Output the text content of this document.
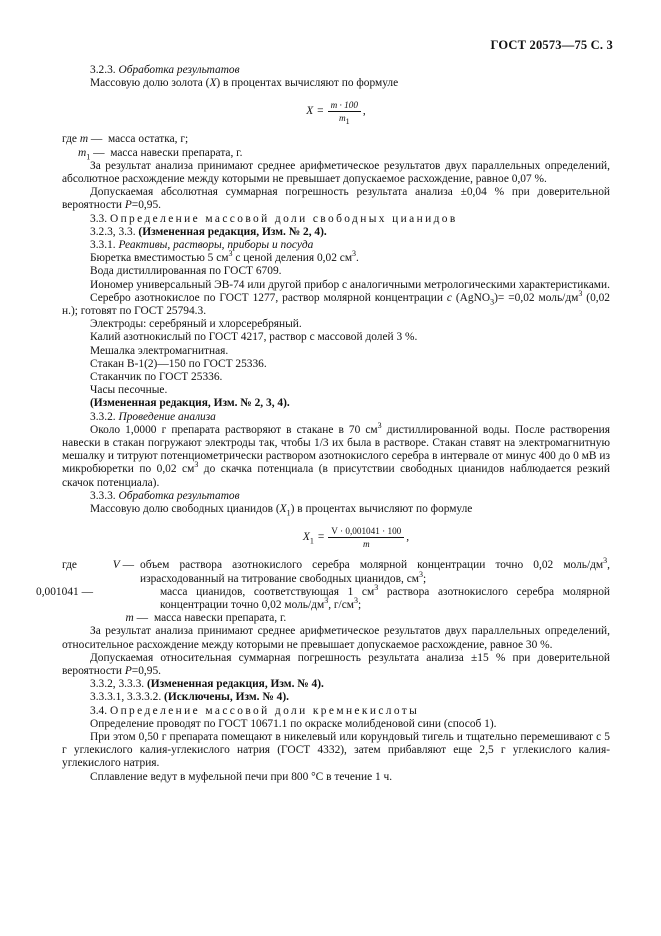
ГОСТ 20573—75 С. 3

3.2.3. Обработка результатов

Массовую долю золота (X) в процентах вычисляют по формуле

$X = \frac{m \cdot 100}{m_1}$ ,

где m — масса остатка, г;

$m_1$ — масса навески препарата, г.

За результат анализа принимают среднее арифметическое результатов двух параллельных определений, абсолютное расхождение между которыми не превышает допускаемое расхождение, равное 0,07 %.

Допускаемая абсолютная суммарная погрешность результата анализа ±0,04 % при доверительной вероятности P=0,95.

3.3. Определение массовой доли свободных цианидов

3.2.3, 3.3. (Измененная редакция, Изм. № 2, 4).

3.3.1. Реактивы, растворы, приборы и посуда

Бюретка вместимостью 5 $см^3$ с ценой деления 0,02 $см^3$.

Вода дистиллированная по ГОСТ 6709.

Иономер универсальный ЭВ-74 или другой прибор с аналогичными метрологическими характеристиками.

Серебро азотнокислое по ГОСТ 1277, раствор молярной концентрации c (AgNO$_3$)= =0,02 моль/$дм^3$ (0,02 н.); готовят по ГОСТ 25794.3.

Электроды: серебряный и хлорсеребряный.

Калий азотнокислый по ГОСТ 4217, раствор с массовой долей 3 %.

Мешалка электромагнитная.

Стакан В-1(2)—150 по ГОСТ 25336.

Стаканчик по ГОСТ 25336.

Часы песочные.

(Измененная редакция, Изм. № 2, 3, 4).

3.3.2. Проведение анализа

Около 1,0000 г препарата растворяют в стакане в 70 $см^3$ дистиллированной воды. После растворения навески в стакан погружают электроды так, чтобы 1/3 их была в растворе. Стакан ставят на электромагнитную мешалку и титруют потенциометрически раствором азотнокислого серебра в интервале от минус 400 до 0 мВ из микробюретки по 0,02 $см^3$ до скачка потенциала (в присутствии свободных цианидов наблюдается резкий скачок потенциала).

3.3.3. Обработка результатов

Массовую долю свободных цианидов $(X_1)$ в процентах вычисляют по формуле

$X_1 = \frac{V \cdot 0,001041 \cdot 100}{m}$ ,
где	V — объем раствора азотнокислого серебра молярной концентрации точно 0,02 моль/$дм^3$, израсходованный на титрование свободных цианидов, $см^3$;
0,001041 —	масса цианидов, соответствующая 1 $см^3$ раствора азотнокислого серебра молярной концентрации точно 0,02 моль/$дм^3$, $г/см^3$;
m — масса навески препарата, г.

За результат анализа принимают среднее арифметическое результатов двух параллельных определений, относительное расхождение между которыми не превышает допускаемое расхождение, равное 30 %.

Допускаемая относительная суммарная погрешность результата анализа ±15 % при доверительной вероятности P=0,95.

3.3.2, 3.3.3. (Измененная редакция, Изм. № 4).

3.3.3.1, 3.3.3.2. (Исключены, Изм. № 4).

3.4. Определение массовой доли кремнекислоты

Определение проводят по ГОСТ 10671.1 по окраске молибденовой сини (способ 1).

При этом 0,50 г препарата помещают в никелевый или корундовый тигель и тщательно перемешивают с 5 г углекислого калия-углекислого натрия (ГОСТ 4332), затем прибавляют еще 2,5 г углекислого калия-углекислого натрия.

Сплавление ведут в муфельной печи при 800 °С в течение 1 ч.
